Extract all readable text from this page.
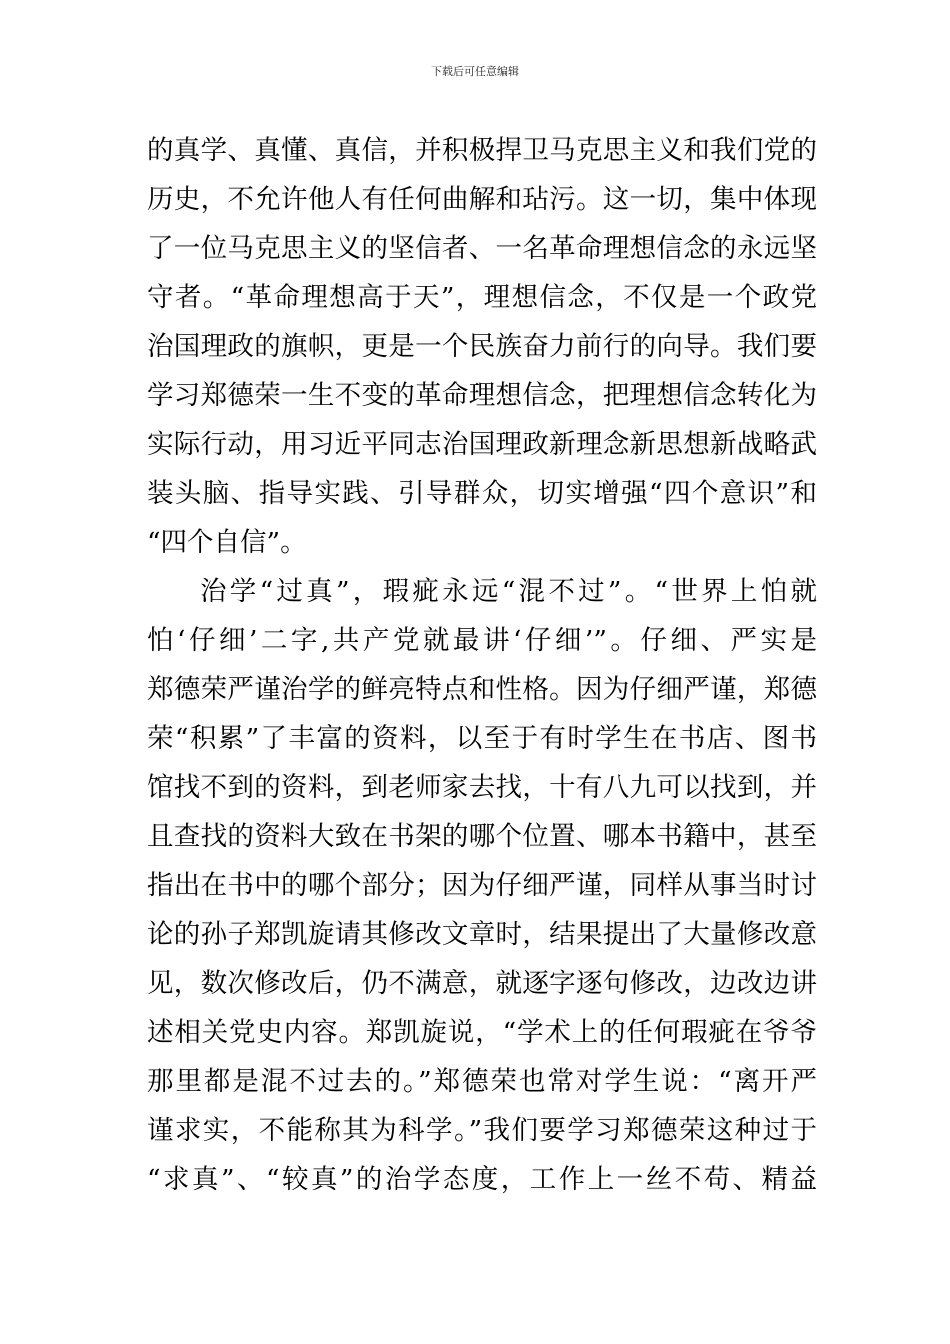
下载后可任意编辑
的真学、真懂、真信，并积极捍卫马克思主义和我们党的
历史，不允许他人有任何曲解和玷污。这一切，集中体现
了一位马克思主义的坚信者、一名革命理想信念的永远坚
守者。“革命理想高于天”，理想信念，不仅是一个政党
治国理政的旗帜，更是一个民族奋力前行的向导。我们要
学习郑德荣一生不变的革命理想信念，把理想信念转化为
实际行动，用习近平同志治国理政新理念新思想新战略武
装头脑、指导实践、引导群众，切实增强“四个意识”和
“四个自信”。
治学“过真”，瑕疵永远“混不过”。“世界上怕就
怕‘仔细’二字,共产党就最讲‘仔细’”。仔细、严实是
郑德荣严谨治学的鲜亮特点和性格。因为仔细严谨，郑德
荣“积累”了丰富的资料，以至于有时学生在书店、图书
馆找不到的资料，到老师家去找，十有八九可以找到，并
且查找的资料大致在书架的哪个位置、哪本书籍中，甚至
指出在书中的哪个部分；因为仔细严谨，同样从事当时讨
论的孙子郑凯旋请其修改文章时，结果提出了大量修改意
见，数次修改后，仍不满意，就逐字逐句修改，边改边讲
述相关党史内容。郑凯旋说，“学术上的任何瑕疵在爷爷
那里都是混不过去的。”郑德荣也常对学生说：“离开严
谨求实，不能称其为科学。”我们要学习郑德荣这种过于
“求真”、“较真”的治学态度，工作上一丝不苟、精益
